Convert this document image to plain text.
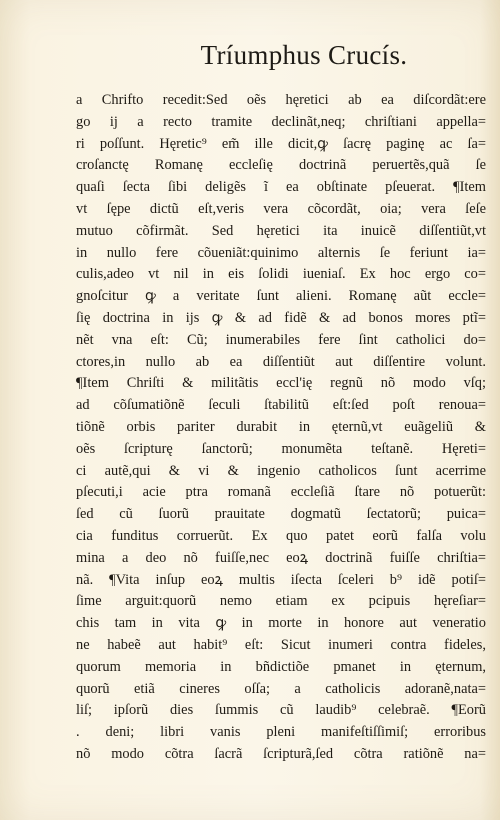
Tríumphus Crucís.
a Chrifto recedit:Sed oẽs hęretici ab ea diſcordãt:ere
go ij a recto tramite declinãt,neq; chriſtiani appella=
ri poſſunt. Hęretic⁹ em̃ ille dicit,ꝙ ſacrę paginę ac ſa=
croſanctę Romanę eccleſię doctrinã peruertẽs,quã ſe
quaſi ſecta ſibi deligẽs ĩ ea obſtinate pſeuerat. ¶Item
vt ſępe dictũ eſt,veris vera cõcordãt, oia; vera ſeſe
mutuo cõfirmãt. Sed hęretici ita inuicẽ diſſentiũt,vt
in nullo fere cõueniãt:quinimo alternis ſe feriunt ia=
culis,adeo vt nil in eis ſolidi iueniaſ. Ex hoc ergo co=
gnoſcitur ꝙ a veritate ſunt alieni. Romanę aũt eccle=
ſię doctrina in ijs ꝙ & ad fidẽ & ad bonos mores ptĩ=
nẽt vna eſt: Cũ; inumerabiles fere ſint catholici do=
ctores,in nullo ab ea diſſentiũt aut diſſentire volunt.
¶Item Chriſti & militãtis eccl'ię regnũ nõ modo vſq;
ad cõſumatiõnẽ ſeculi ſtabilitũ eſt:ſed poſt renoua=
tiõnẽ orbis pariter durabit in ęternũ,vt euãgeliũ &
oẽs ſcripturę ſanctorũ; monumẽta teſtanẽ. Hęreti=
ci autẽ,qui & vi & ingenio catholicos ſunt acerrime
pſecuti,i acie ptra romanã eccleſiã ſtare nõ potuerũt:
ſed cũ ſuorũ prauitate dogmatũ ſectatorũ; puica=
cia funditus corruerũt. Ex quo patet eorũ falſa volu
mina a deo nõ fuiſſe,nec eoꝝ doctrinã fuiſſe chriſtia=
nã. ¶Vita inſup eoꝝ multis iſecta ſceleri b⁹ idẽ potiſ=
ſime arguit:quorũ nemo etiam ex pcipuis hęreſiar=
chis tam in vita ꝙ in morte in honore aut veneratio
ne habeẽ aut habit⁹ eſt: Sicut inumeri contra fideles,
quorum memoria in bñdictiõe pmanet in ęternum,
quorũ etiã cineres oſſa; a catholicis adoranẽ,nata=
liſ; ipſorũ dies ſummis cũ laudib⁹ celebraẽ. ¶Eorũ
. deni; libri vanis pleni manifeſtiſſimiſ; erroribus
nõ modo cõtra ſacrã ſcripturã,ſed cõtra ratiõnẽ na=
